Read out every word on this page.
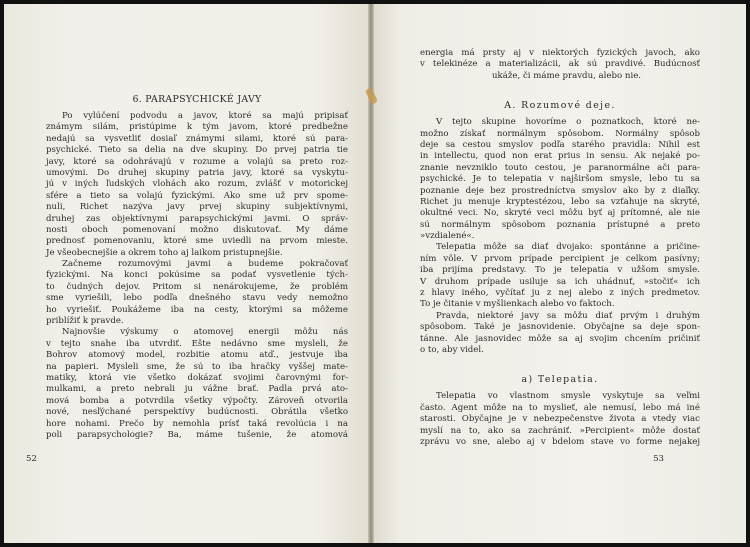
6. PARAPSYCHICKÉ JAVY
Po vylúčení podvodu a javov, ktoré sa majú pripisať
známym silám, pristúpime k tým javom, ktoré predbežne
nedajú sa vysvetliť dosiaľ známymi silami, ktoré sú para-
psychické. Tieto sa delia na dve skupiny. Do prvej patria tie
javy, ktoré sa odohrávajú v rozume a volajú sa preto roz-
umovými. Do druhej skupiny patria javy, ktoré sa vyskytu-
jú v iných ľudských vlohách ako rozum, zvlášť v motorickej
sfére a tieto sa volajú fyzickými. Ako sme už prv spome-
nuli, Richet nazýva javy prvej skupiny subjektívnymi,
druhej zas objektívnymi parapsychickými javmi. O správ-
nosti oboch pomenovaní možno diskutovať. My dáme
prednosť pomenovaniu, ktoré sme uviedli na prvom mieste.
Je všeobecnejšie a okrem toho aj laikom pristupnejšie.
Začneme rozumovými javmi a budeme pokračovať
fyzickými. Na konci pokúsime sa podať vysvetlenie tých-
to čudných dejov. Pritom si nenárokujeme, že problém
sme vyriešili, lebo podľa dnešného stavu vedy nemožno
ho vyriešiť. Poukážeme iba na cesty, ktorými sa môžeme
priblížiť k pravde.
Najnovšie výskumy o atomovej energii môžu nás
v tejto snahe iba utvrdiť. Ešte nedávno sme mysleli, že
Bohrov atomový model, rozbitie atomu atď., jestvuje iba
na papieri. Mysleli sme, že sú to iba hračky vyššej mate-
matiky, ktorá vie všetko dokázať svojimi čarovnými for-
mulkami, a preto nebrali ju vážne brať. Padla prvá ato-
mová bomba a potvrdila všetky výpočty. Zároveň otvorila
nové, nesľýchané perspektívy budúcnosti. Obrátila všetko
hore nohami. Prečo by nemohla prísť taká revolúcia i na
poli parapsychologie? Ba, máme tušenie, že atomová
52
energia má prsty aj v niektorých fyzických javoch, ako
v telekinéze a materializácii, ak sú pravdivé. Budúcnosť
ukáže, či máme pravdu, alebo nie.
A. Rozumové deje.
V tejto skupine hovoríme o poznatkoch, ktoré ne-
možno získať normálnym spôsobom. Normálny spôsob
deje sa cestou smyslov podľa starého pravidla: Nihil est
in intellectu, quod non erat prius in sensu. Ak nejaké po-
znanie nevzniklo touto cestou, je paranormálne ači para-
psychické. Je to telepatia v najširšom smysle, lebo tu sa
poznanie deje bez prostredníctva smyslov ako by z diaľky.
Richet ju menuje kryptestézou, lebo sa vzťahuje na skryté,
okultné veci. No, skryté veci môžu byť aj prítomné, ale nie
sú normálnym spôsobom poznania prístupné a preto
»vzdialené«.
Telepatia môže sa diať dvojako: spontánne a pričine-
ním vôle. V prvom prípade percipient je celkom pasívny;
iba prijíma predstavy. To je telepatia v užšom smysle.
V druhom prípade usiluje sa ich uhádnuť, »stočiť« ich
z hlavy iného, vyčítať ju z nej alebo z iných predmetov.
To je čitanie v myšlienkach alebo vo faktoch.
Pravda, niektoré javy sa môžu diať prvým i druhým
spôsobom. Také je jasnovidenie. Obyčajne sa deje spon-
tánne. Ale jasnovidec môže sa aj svojim chcením pričiniť
o to, aby videl.
a) Telepatia.
Telepatia vo vlastnom smysle vyskytuje sa veľmi
často. Agent môže na to myslieť, ale nemusí, lebo má iné
starosti. Obyčajne je v nebezpečenstve života a vtedy viac
myslí na to, ako sa zachrániť. »Percipient« môže dostať
zprávu vo sne, alebo aj v bdelom stave vo forme nejakej
53
